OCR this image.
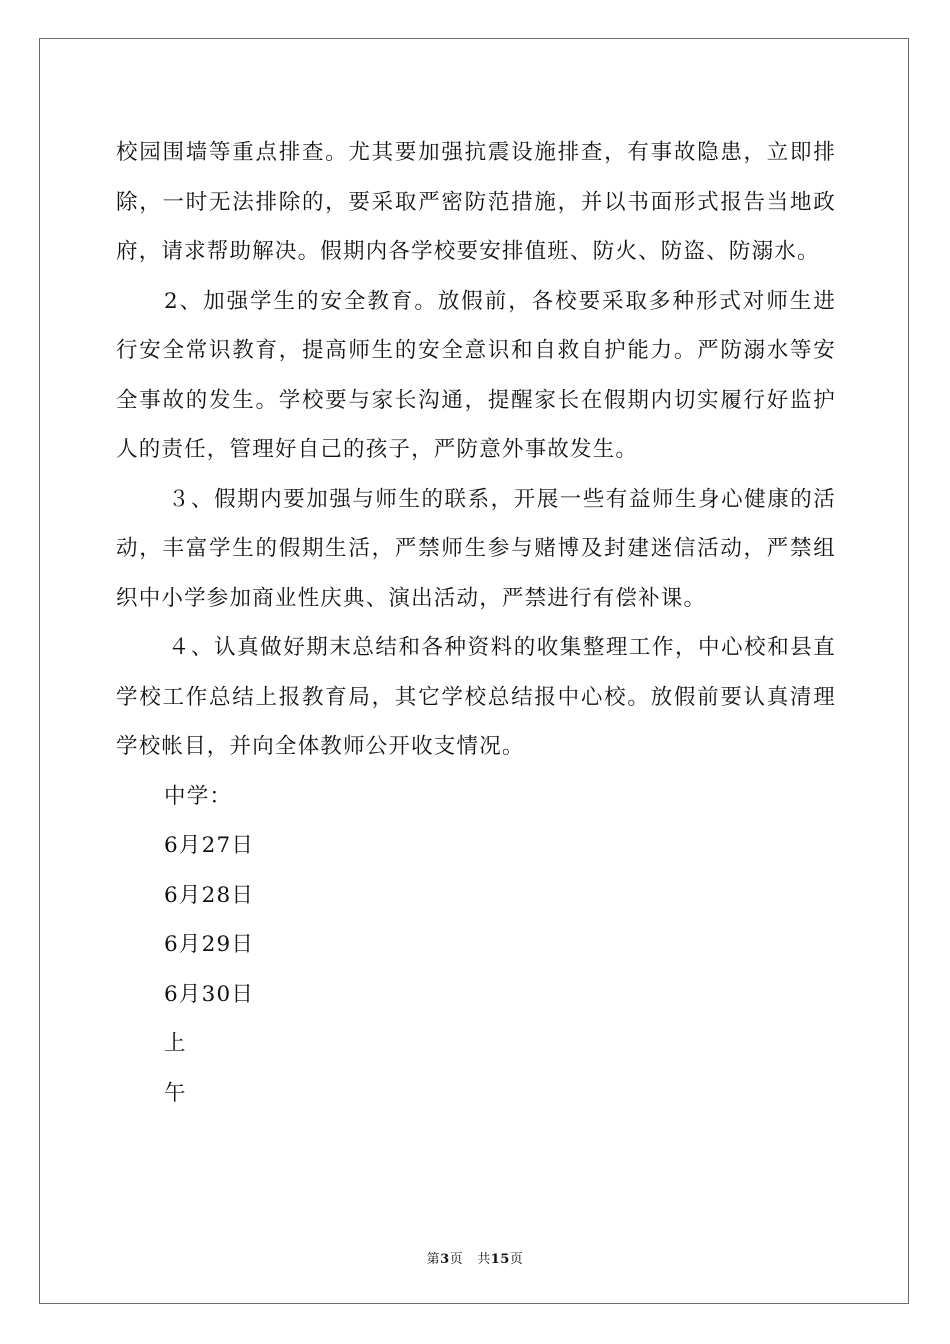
校园围墙等重点排查。尤其要加强抗震设施排查，有事故隐患，立即排除，一时无法排除的，要采取严密防范措施，并以书面形式报告当地政府，请求帮助解决。假期内各学校要安排值班、防火、防盗、防溺水。

2、加强学生的安全教育。放假前，各校要采取多种形式对师生进行安全常识教育，提高师生的安全意识和自救自护能力。严防溺水等安全事故的发生。学校要与家长沟通，提醒家长在假期内切实履行好监护人的责任，管理好自己的孩子，严防意外事故发生。

３、假期内要加强与师生的联系，开展一些有益师生身心健康的活动，丰富学生的假期生活，严禁师生参与赌博及封建迷信活动，严禁组织中小学参加商业性庆典、演出活动，严禁进行有偿补课。

４、认真做好期末总结和各种资料的收集整理工作，中心校和县直学校工作总结上报教育局，其它学校总结报中心校。放假前要认真清理学校帐目，并向全体教师公开收支情况。

中学：

6月27日

6月28日

6月29日

6月30日

上

午

第3页 共15页
